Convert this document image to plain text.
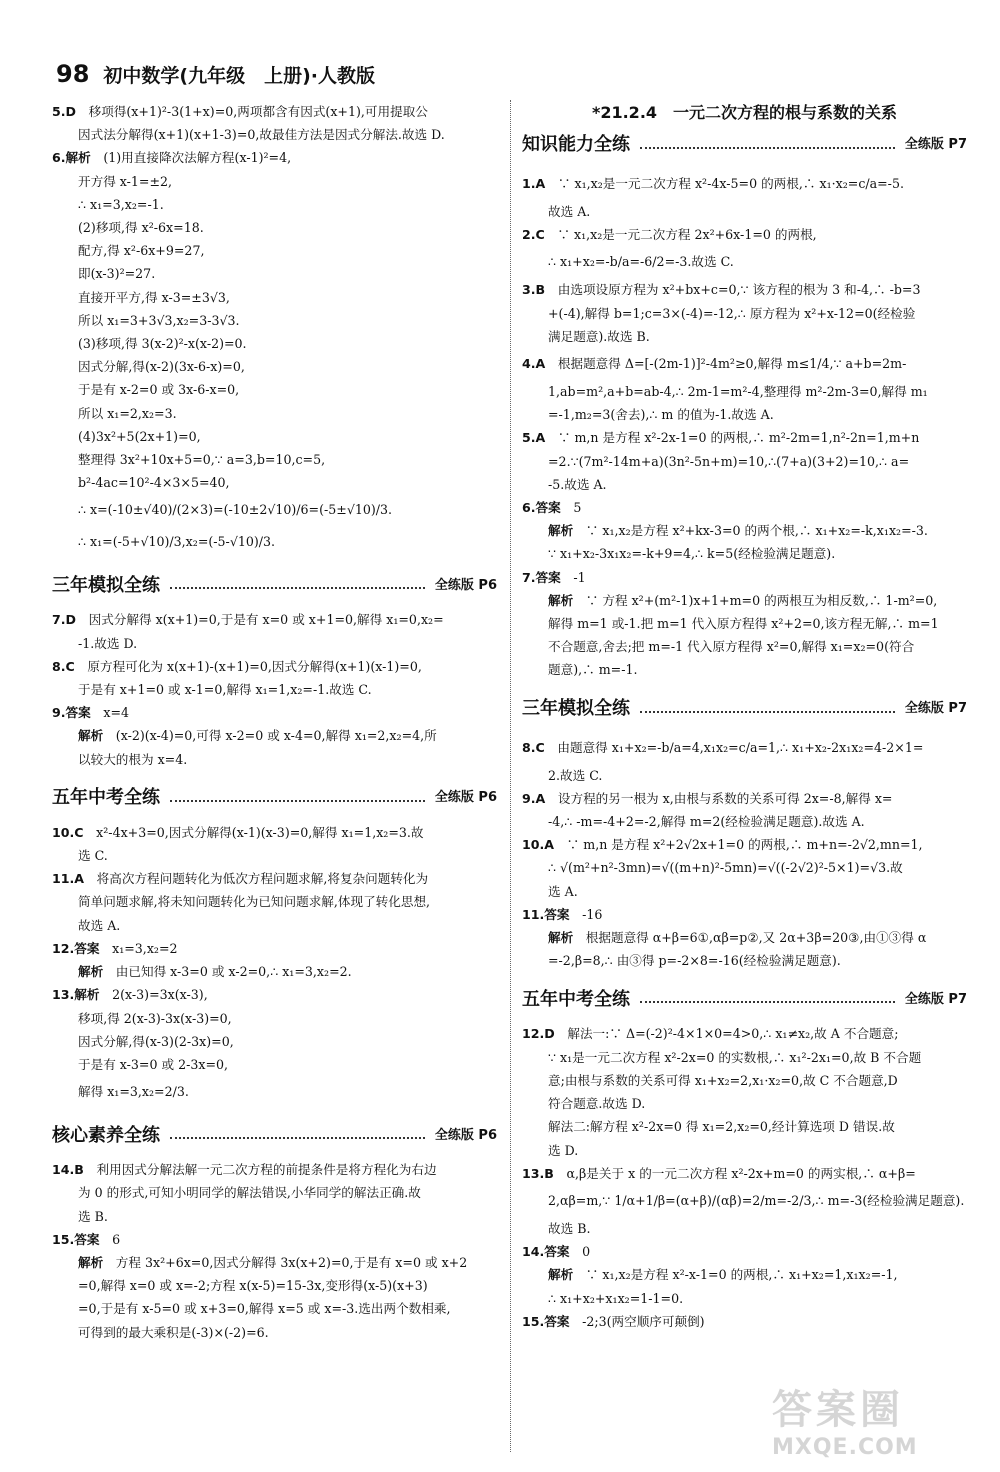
98 初中数学(九年级　上册)·人教版
5.D　 移项得(x+1)²-3(1+x)=0,两项都含有因式(x+1),可用提取公
因式法分解得(x+1)(x+1-3)=0,故最佳方法是因式分解法.故选 D.
6.解析　 (1)用直接降次法解方程(x-1)²=4,
开方得 x-1=±2,
∴ x₁=3,x₂=-1.
(2)移项,得 x²-6x=18.
配方,得 x²-6x+9=27,
即(x-3)²=27.
直接开平方,得 x-3=±3√3,
所以 x₁=3+3√3,x₂=3-3√3.
(3)移项,得 3(x-2)²-x(x-2)=0.
因式分解,得(x-2)(3x-6-x)=0,
于是有 x-2=0 或 3x-6-x=0,
所以 x₁=2,x₂=3.
(4)3x²+5(2x+1)=0,
整理得 3x²+10x+5=0,∵ a=3,b=10,c=5,
b²-4ac=10²-4×3×5=40,
∴ x=(-10±√40)/(2×3)=(-10±2√10)/6=(-5±√10)/3.
∴ x₁=(-5+√10)/3,x₂=(-5-√10)/3.
三年模拟全练	全练版 P6
7.D　 因式分解得 x(x+1)=0,于是有 x=0 或 x+1=0,解得 x₁=0,x₂=
-1.故选 D.
8.C　 原方程可化为 x(x+1)-(x+1)=0,因式分解得(x+1)(x-1)=0,
于是有 x+1=0 或 x-1=0,解得 x₁=1,x₂=-1.故选 C.
9.答案　 x=4
解析　 (x-2)(x-4)=0,可得 x-2=0 或 x-4=0,解得 x₁=2,x₂=4,所
以较大的根为 x=4.
五年中考全练	全练版 P6
10.C　 x²-4x+3=0,因式分解得(x-1)(x-3)=0,解得 x₁=1,x₂=3.故
选 C.
11.A　 将高次方程问题转化为低次方程问题求解,将复杂问题转化为
简单问题求解,将未知问题转化为已知问题求解,体现了转化思想,
故选 A.
12.答案　 x₁=3,x₂=2
解析　 由已知得 x-3=0 或 x-2=0,∴ x₁=3,x₂=2.
13.解析　 2(x-3)=3x(x-3),
移项,得 2(x-3)-3x(x-3)=0,
因式分解,得(x-3)(2-3x)=0,
于是有 x-3=0 或 2-3x=0,
解得 x₁=3,x₂=2/3.
核心素养全练	全练版 P6
14.B　 利用因式分解法解一元二次方程的前提条件是将方程化为右边
为 0 的形式,可知小明同学的解法错误,小华同学的解法正确.故
选 B.
15.答案　 6
解析　 方程 3x²+6x=0,因式分解得 3x(x+2)=0,于是有 x=0 或 x+2
=0,解得 x=0 或 x=-2;方程 x(x-5)=15-3x,变形得(x-5)(x+3)
=0,于是有 x-5=0 或 x+3=0,解得 x=5 或 x=-3.选出两个数相乘,
可得到的最大乘积是(-3)×(-2)=6.
*21.2.4　一元二次方程的根与系数的关系
知识能力全练	全练版 P7
1.A　 ∵ x₁,x₂是一元二次方程 x²-4x-5=0 的两根,∴ x₁·x₂=c/a=-5.
故选 A.
2.C　 ∵ x₁,x₂是一元二次方程 2x²+6x-1=0 的两根,
∴ x₁+x₂=-b/a=-6/2=-3.故选 C.
3.B　 由选项设原方程为 x²+bx+c=0,∵ 该方程的根为 3 和-4,∴ -b=3
+(-4),解得 b=1;c=3×(-4)=-12,∴ 原方程为 x²+x-12=0(经检验
满足题意).故选 B.
4.A　 根据题意得 Δ=[-(2m-1)]²-4m²≥0,解得 m≤1/4,∵ a+b=2m-
1,ab=m²,a+b=ab-4,∴ 2m-1=m²-4,整理得 m²-2m-3=0,解得 m₁
=-1,m₂=3(舍去),∴ m 的值为-1.故选 A.
5.A　 ∵ m,n 是方程 x²-2x-1=0 的两根,∴ m²-2m=1,n²-2n=1,m+n
=2.∵(7m²-14m+a)(3n²-5n+m)=10,∴(7+a)(3+2)=10,∴ a=
-5.故选 A.
6.答案　 5
解析　 ∵ x₁,x₂是方程 x²+kx-3=0 的两个根,∴ x₁+x₂=-k,x₁x₂=-3.
∵ x₁+x₂-3x₁x₂=-k+9=4,∴ k=5(经检验满足题意).
7.答案　 -1
解析　 ∵ 方程 x²+(m²-1)x+1+m=0 的两根互为相反数,∴ 1-m²=0,
解得 m=1 或-1.把 m=1 代入原方程得 x²+2=0,该方程无解,∴ m=1
不合题意,舍去;把 m=-1 代入原方程得 x²=0,解得 x₁=x₂=0(符合
题意),∴ m=-1.
三年模拟全练	全练版 P7
8.C　 由题意得 x₁+x₂=-b/a=4,x₁x₂=c/a=1,∴ x₁+x₂-2x₁x₂=4-2×1=
2.故选 C.
9.A　 设方程的另一根为 x,由根与系数的关系可得 2x=-8,解得 x=
-4,∴ -m=-4+2=-2,解得 m=2(经检验满足题意).故选 A.
10.A　 ∵ m,n 是方程 x²+2√2x+1=0 的两根,∴ m+n=-2√2,mn=1,
∴ √(m²+n²-3mn)=√((m+n)²-5mn)=√((-2√2)²-5×1)=√3.故
选 A.
11.答案　 -16
解析　 根据题意得 α+β=6①,αβ=p②,又 2α+3β=20③,由①③得 α
=-2,β=8,∴ 由③得 p=-2×8=-16(经检验满足题意).
五年中考全练	全练版 P7
12.D　 解法一:∵ Δ=(-2)²-4×1×0=4>0,∴ x₁≠x₂,故 A 不合题意;
∵ x₁是一元二次方程 x²-2x=0 的实数根,∴ x₁²-2x₁=0,故 B 不合题
意;由根与系数的关系可得 x₁+x₂=2,x₁·x₂=0,故 C 不合题意,D
符合题意.故选 D.
解法二:解方程 x²-2x=0 得 x₁=2,x₂=0,经计算选项 D 错误.故
选 D.
13.B　 α,β是关于 x 的一元二次方程 x²-2x+m=0 的两实根,∴ α+β=
2,αβ=m,∵ 1/α+1/β=(α+β)/(αβ)=2/m=-2/3,∴ m=-3(经检验满足题意).
故选 B.
14.答案　 0
解析　 ∵ x₁,x₂是方程 x²-x-1=0 的两根,∴ x₁+x₂=1,x₁x₂=-1,
∴ x₁+x₂+x₁x₂=1-1=0.
15.答案　 -2;3(两空顺序可颠倒)
答案圈
MXQE.COM
